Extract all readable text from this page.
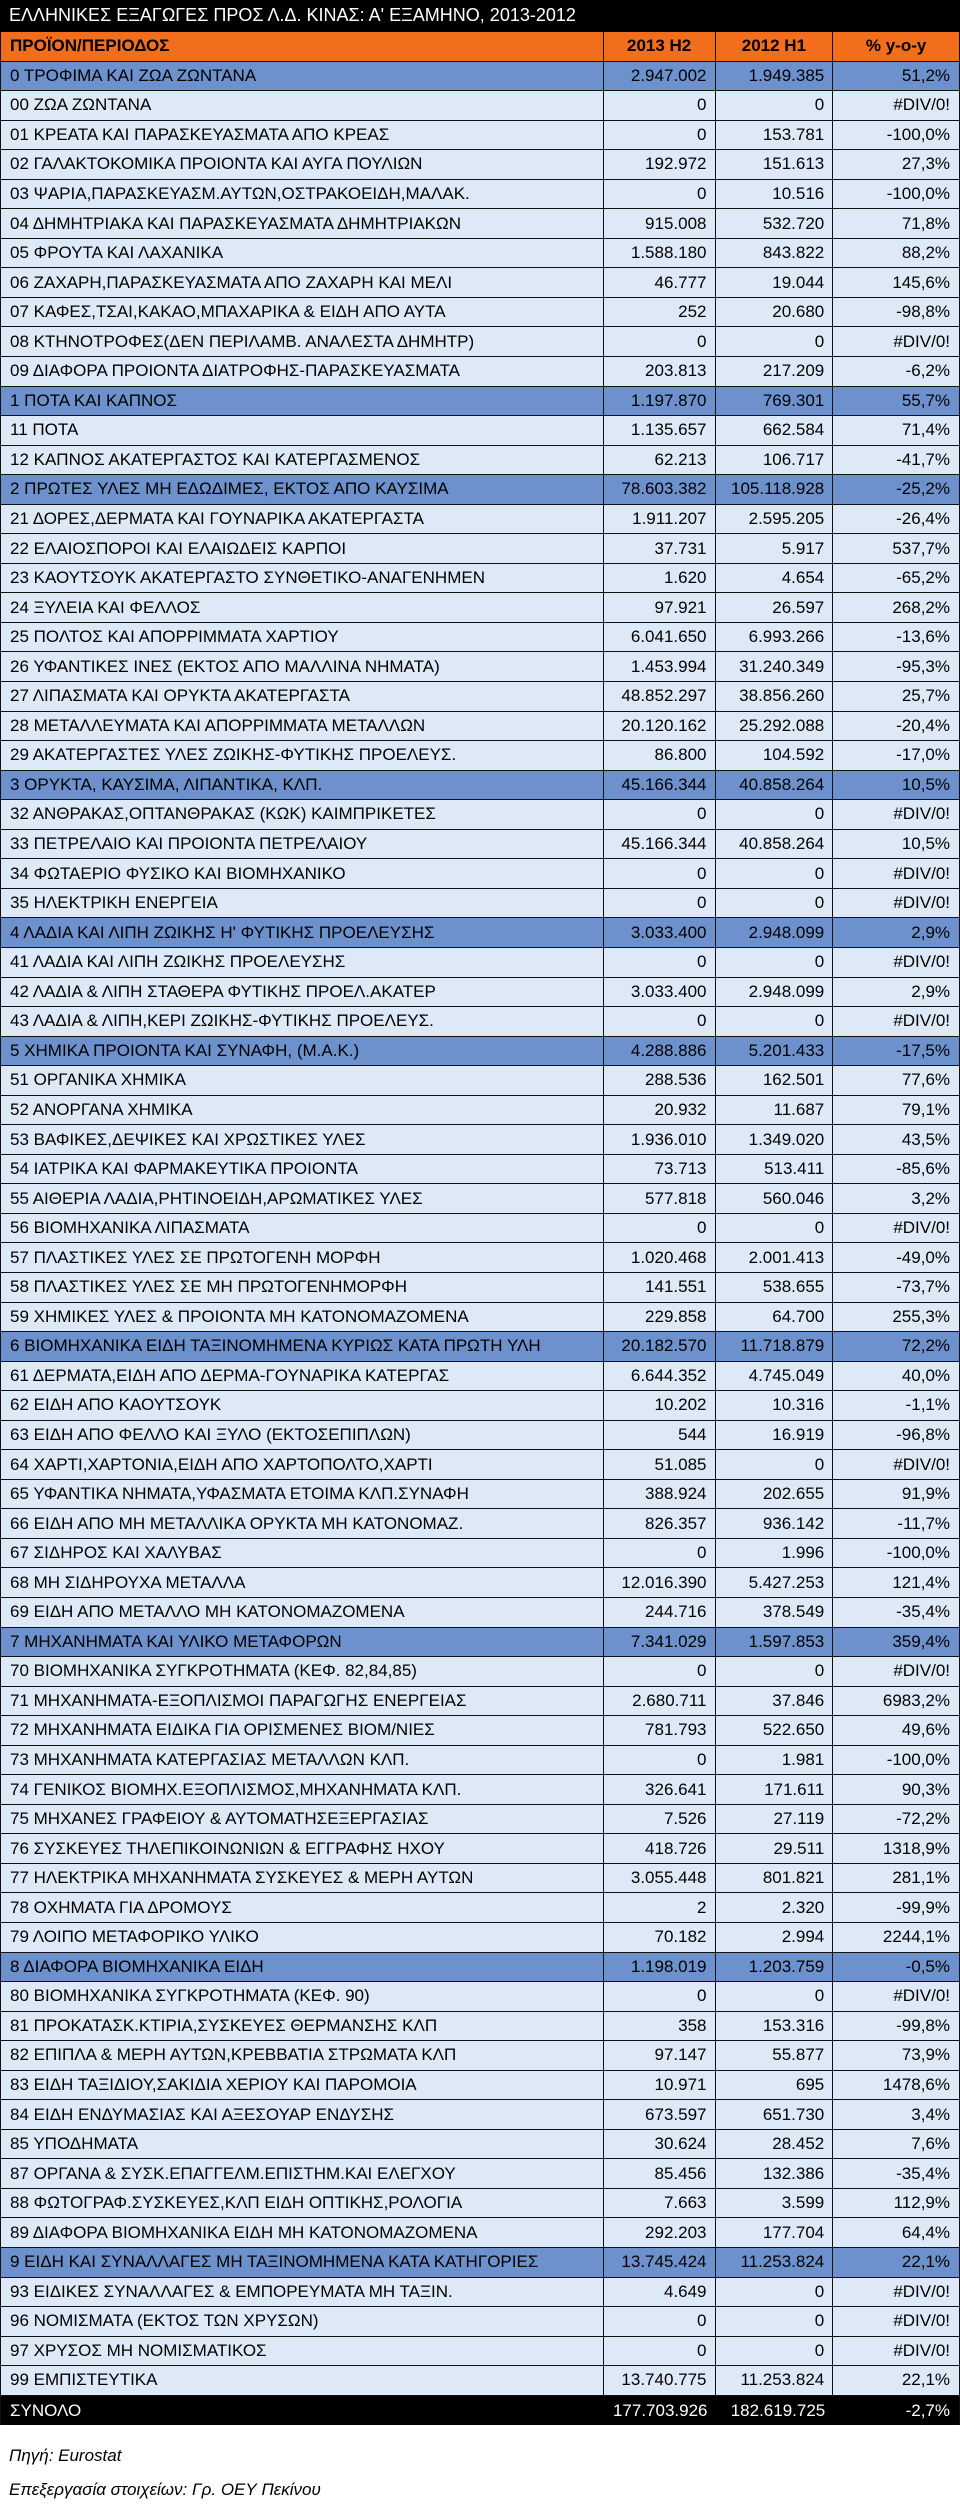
ΕΛΛΗΝΙΚΕΣ ΕΞΑΓΩΓΕΣ ΠΡΟΣ Λ.Δ. ΚΙΝΑΣ: Α' ΕΞΑΜΗΝΟ, 2013-2012
ΠΡΟΪΟΝ/ΠΕΡΙΟΔΟΣ	2013 Η2	2012 Η1	% y-o-y
0 ΤΡΟΦΙΜΑ ΚΑΙ ΖΩΑ ΖΩΝΤΑΝΑ	2.947.002	1.949.385	51,2%
00 ΖΩΑ ΖΩΝΤΑΝΑ	0	0	#DIV/0!
01 ΚΡΕΑΤΑ ΚΑΙ ΠΑΡΑΣΚΕΥΑΣΜΑΤΑ ΑΠΟ ΚΡΕΑΣ	0	153.781	-100,0%
02 ΓΑΛΑΚΤΟΚΟΜΙΚΑ ΠΡΟΙΟΝΤΑ ΚΑΙ ΑΥΓΑ ΠΟΥΛΙΩΝ	192.972	151.613	27,3%
03 ΨΑΡΙΑ,ΠΑΡΑΣΚΕΥΑΣΜ.ΑΥΤΩΝ,ΟΣΤΡΑΚΟΕΙΔΗ,ΜΑΛΑΚ.	0	10.516	-100,0%
04 ΔΗΜΗΤΡΙΑΚΑ ΚΑΙ ΠΑΡΑΣΚΕΥΑΣΜΑΤΑ ΔΗΜΗΤΡΙΑΚΩΝ	915.008	532.720	71,8%
05 ΦΡΟΥΤΑ ΚΑΙ ΛΑΧΑΝΙΚΑ	1.588.180	843.822	88,2%
06 ΖΑΧΑΡΗ,ΠΑΡΑΣΚΕΥΑΣΜΑΤΑ ΑΠΟ ΖΑΧΑΡΗ ΚΑΙ ΜΕΛΙ	46.777	19.044	145,6%
07 ΚΑΦΕΣ,ΤΣΑΙ,ΚΑΚΑΟ,ΜΠΑΧΑΡΙΚΑ & ΕΙΔΗ ΑΠΟ ΑΥΤΑ	252	20.680	-98,8%
08 ΚΤΗΝΟΤΡΟΦΕΣ(ΔΕΝ ΠΕΡΙΛΑΜΒ. ΑΝΑΛΕΣΤΑ ΔΗΜΗΤΡ)	0	0	#DIV/0!
09 ΔΙΑΦΟΡΑ ΠΡΟΙΟΝΤΑ ΔΙΑΤΡΟΦΗΣ-ΠΑΡΑΣΚΕΥΑΣΜΑΤΑ	203.813	217.209	-6,2%
1 ΠΟΤΑ ΚΑΙ ΚΑΠΝΟΣ	1.197.870	769.301	55,7%
11 ΠΟΤΑ	1.135.657	662.584	71,4%
12 ΚΑΠΝΟΣ ΑΚΑΤΕΡΓΑΣΤΟΣ ΚΑΙ ΚΑΤΕΡΓΑΣΜΕΝΟΣ	62.213	106.717	-41,7%
2 ΠΡΩΤΕΣ ΥΛΕΣ ΜΗ ΕΔΩΔΙΜΕΣ, ΕΚΤΟΣ ΑΠΟ ΚΑΥΣΙΜΑ	78.603.382	105.118.928	-25,2%
21 ΔΟΡΕΣ,ΔΕΡΜΑΤΑ ΚΑΙ ΓΟΥΝΑΡΙΚΑ ΑΚΑΤΕΡΓΑΣΤΑ	1.911.207	2.595.205	-26,4%
22 ΕΛΑΙΟΣΠΟΡΟΙ ΚΑΙ ΕΛΑΙΩΔΕΙΣ ΚΑΡΠΟΙ	37.731	5.917	537,7%
23 ΚΑΟΥΤΣΟΥΚ ΑΚΑΤΕΡΓΑΣΤΟ ΣΥΝΘΕΤΙΚΟ-ΑΝΑΓΕΝΗΜΕΝ	1.620	4.654	-65,2%
24 ΞΥΛΕΙΑ ΚΑΙ ΦΕΛΛΟΣ	97.921	26.597	268,2%
25 ΠΟΛΤΟΣ ΚΑΙ ΑΠΟΡΡΙΜΜΑΤΑ ΧΑΡΤΙΟΥ	6.041.650	6.993.266	-13,6%
26 ΥΦΑΝΤΙΚΕΣ ΙΝΕΣ (ΕΚΤΟΣ ΑΠΟ ΜΑΛΛΙΝΑ ΝΗΜΑΤΑ)	1.453.994	31.240.349	-95,3%
27 ΛΙΠΑΣΜΑΤΑ ΚΑΙ ΟΡΥΚΤΑ ΑΚΑΤΕΡΓΑΣΤΑ	48.852.297	38.856.260	25,7%
28 ΜΕΤΑΛΛΕΥΜΑΤΑ ΚΑΙ ΑΠΟΡΡΙΜΜΑΤΑ ΜΕΤΑΛΛΩΝ	20.120.162	25.292.088	-20,4%
29 ΑΚΑΤΕΡΓΑΣΤΕΣ ΥΛΕΣ ΖΩΙΚΗΣ-ΦΥΤΙΚΗΣ ΠΡΟΕΛΕΥΣ.	86.800	104.592	-17,0%
3 ΟΡΥΚΤΑ, ΚΑΥΣΙΜΑ, ΛΙΠΑΝΤΙΚΑ, ΚΛΠ.	45.166.344	40.858.264	10,5%
32 ΑΝΘΡΑΚΑΣ,ΟΠΤΑΝΘΡΑΚΑΣ (ΚΩΚ) ΚΑΙΜΠΡΙΚΕΤΕΣ	0	0	#DIV/0!
33 ΠΕΤΡΕΛΑΙΟ ΚΑΙ ΠΡΟΙΟΝΤΑ ΠΕΤΡΕΛΑΙΟΥ	45.166.344	40.858.264	10,5%
34 ΦΩΤΑΕΡΙΟ ΦΥΣΙΚΟ ΚΑΙ ΒΙΟΜΗΧΑΝΙΚΟ	0	0	#DIV/0!
35 ΗΛΕΚΤΡΙΚΗ ΕΝΕΡΓΕΙΑ	0	0	#DIV/0!
4 ΛΑΔΙΑ ΚΑΙ ΛΙΠΗ ΖΩΙΚΗΣ Η' ΦΥΤΙΚΗΣ ΠΡΟΕΛΕΥΣΗΣ	3.033.400	2.948.099	2,9%
41 ΛΑΔΙΑ ΚΑΙ ΛΙΠΗ ΖΩΙΚΗΣ ΠΡΟΕΛΕΥΣΗΣ	0	0	#DIV/0!
42 ΛΑΔΙΑ & ΛΙΠΗ ΣΤΑΘΕΡΑ ΦΥΤΙΚΗΣ ΠΡΟΕΛ.ΑΚΑΤΕΡ	3.033.400	2.948.099	2,9%
43 ΛΑΔΙΑ & ΛΙΠΗ,ΚΕΡΙ ΖΩΙΚΗΣ-ΦΥΤΙΚΗΣ ΠΡΟΕΛΕΥΣ.	0	0	#DIV/0!
5 ΧΗΜΙΚΑ ΠΡΟΙΟΝΤΑ ΚΑΙ ΣΥΝΑΦΗ, (Μ.Α.Κ.)	4.288.886	5.201.433	-17,5%
51 ΟΡΓΑΝΙΚΑ ΧΗΜΙΚΑ	288.536	162.501	77,6%
52 ΑΝΟΡΓΑΝΑ ΧΗΜΙΚΑ	20.932	11.687	79,1%
53 ΒΑΦΙΚΕΣ,ΔΕΨΙΚΕΣ ΚΑΙ ΧΡΩΣΤΙΚΕΣ ΥΛΕΣ	1.936.010	1.349.020	43,5%
54 ΙΑΤΡΙΚΑ ΚΑΙ ΦΑΡΜΑΚΕΥΤΙΚΑ ΠΡΟΙΟΝΤΑ	73.713	513.411	-85,6%
55 ΑΙΘΕΡΙΑ ΛΑΔΙΑ,ΡΗΤΙΝΟΕΙΔΗ,ΑΡΩΜΑΤΙΚΕΣ ΥΛΕΣ	577.818	560.046	3,2%
56 ΒΙΟΜΗΧΑΝΙΚΑ ΛΙΠΑΣΜΑΤΑ	0	0	#DIV/0!
57 ΠΛΑΣΤΙΚΕΣ ΥΛΕΣ ΣΕ ΠΡΩΤΟΓΕΝΗ ΜΟΡΦΗ	1.020.468	2.001.413	-49,0%
58 ΠΛΑΣΤΙΚΕΣ ΥΛΕΣ ΣΕ ΜΗ ΠΡΩΤΟΓΕΝΗΜΟΡΦΗ	141.551	538.655	-73,7%
59 ΧΗΜΙΚΕΣ ΥΛΕΣ & ΠΡΟΙΟΝΤΑ ΜΗ ΚΑΤΟΝΟΜΑΖΟΜΕΝΑ	229.858	64.700	255,3%
6 ΒΙΟΜΗΧΑΝΙΚΑ ΕΙΔΗ ΤΑΞΙΝΟΜΗΜΕΝΑ ΚΥΡΙΩΣ ΚΑΤΑ ΠΡΩΤΗ ΥΛΗ	20.182.570	11.718.879	72,2%
61 ΔΕΡΜΑΤΑ,ΕΙΔΗ ΑΠΟ ΔΕΡΜΑ-ΓΟΥΝΑΡΙΚΑ ΚΑΤΕΡΓΑΣ	6.644.352	4.745.049	40,0%
62 ΕΙΔΗ ΑΠΟ ΚΑΟΥΤΣΟΥΚ	10.202	10.316	-1,1%
63 ΕΙΔΗ ΑΠΟ ΦΕΛΛΟ ΚΑΙ ΞΥΛΟ (ΕΚΤΟΣΕΠΙΠΛΩΝ)	544	16.919	-96,8%
64 ΧΑΡΤΙ,ΧΑΡΤΟΝΙΑ,ΕΙΔΗ ΑΠΟ ΧΑΡΤΟΠΟΛΤΟ,ΧΑΡΤΙ	51.085	0	#DIV/0!
65 ΥΦΑΝΤΙΚΑ ΝΗΜΑΤΑ,ΥΦΑΣΜΑΤΑ ΕΤΟΙΜΑ ΚΛΠ.ΣΥΝΑΦΗ	388.924	202.655	91,9%
66 ΕΙΔΗ ΑΠΟ ΜΗ ΜΕΤΑΛΛΙΚΑ ΟΡΥΚΤΑ ΜΗ ΚΑΤΟΝΟΜΑΖ.	826.357	936.142	-11,7%
67 ΣΙΔΗΡΟΣ ΚΑΙ ΧΑΛΥΒΑΣ	0	1.996	-100,0%
68 ΜΗ ΣΙΔΗΡΟΥΧΑ ΜΕΤΑΛΛΑ	12.016.390	5.427.253	121,4%
69 ΕΙΔΗ ΑΠΟ ΜΕΤΑΛΛΟ ΜΗ ΚΑΤΟΝΟΜΑΖΟΜΕΝΑ	244.716	378.549	-35,4%
7 ΜΗΧΑΝΗΜΑΤΑ ΚΑΙ ΥΛΙΚΟ ΜΕΤΑΦΟΡΩΝ	7.341.029	1.597.853	359,4%
70 ΒΙΟΜΗΧΑΝΙΚΑ ΣΥΓΚΡΟΤΗΜΑΤΑ (ΚΕΦ. 82,84,85)	0	0	#DIV/0!
71 ΜΗΧΑΝΗΜΑΤΑ-ΕΞΟΠΛΙΣΜΟΙ ΠΑΡΑΓΩΓΗΣ ΕΝΕΡΓΕΙΑΣ	2.680.711	37.846	6983,2%
72 ΜΗΧΑΝΗΜΑΤΑ ΕΙΔΙΚΑ ΓΙΑ ΟΡΙΣΜΕΝΕΣ ΒΙΟΜ/ΝΙΕΣ	781.793	522.650	49,6%
73 ΜΗΧΑΝΗΜΑΤΑ ΚΑΤΕΡΓΑΣΙΑΣ ΜΕΤΑΛΛΩΝ ΚΛΠ.	0	1.981	-100,0%
74 ΓΕΝΙΚΟΣ ΒΙΟΜΗΧ.ΕΞΟΠΛΙΣΜΟΣ,ΜΗΧΑΝΗΜΑΤΑ ΚΛΠ.	326.641	171.611	90,3%
75 ΜΗΧΑΝΕΣ ΓΡΑΦΕΙΟΥ & ΑΥΤΟΜΑΤΗΣΕΞΕΡΓΑΣΙΑΣ	7.526	27.119	-72,2%
76 ΣΥΣΚΕΥΕΣ ΤΗΛΕΠΙΚΟΙΝΩΝΙΩΝ & ΕΓΓΡΑΦΗΣ ΗΧΟΥ	418.726	29.511	1318,9%
77 ΗΛΕΚΤΡΙΚΑ ΜΗΧΑΝΗΜΑΤΑ ΣΥΣΚΕΥΕΣ & ΜΕΡΗ ΑΥΤΩΝ	3.055.448	801.821	281,1%
78 ΟΧΗΜΑΤΑ ΓΙΑ ΔΡΟΜΟΥΣ	2	2.320	-99,9%
79 ΛΟΙΠΟ ΜΕΤΑΦΟΡΙΚΟ ΥΛΙΚΟ	70.182	2.994	2244,1%
8 ΔΙΑΦΟΡΑ ΒΙΟΜΗΧΑΝΙΚΑ ΕΙΔΗ	1.198.019	1.203.759	-0,5%
80 ΒΙΟΜΗΧΑΝΙΚΑ ΣΥΓΚΡΟΤΗΜΑΤΑ (ΚΕΦ. 90)	0	0	#DIV/0!
81 ΠΡΟΚΑΤΑΣΚ.ΚΤΙΡΙΑ,ΣΥΣΚΕΥΕΣ ΘΕΡΜΑΝΣΗΣ ΚΛΠ	358	153.316	-99,8%
82 ΕΠΙΠΛΑ & ΜΕΡΗ ΑΥΤΩΝ,ΚΡΕΒΒΑΤΙΑ ΣΤΡΩΜΑΤΑ ΚΛΠ	97.147	55.877	73,9%
83 ΕΙΔΗ ΤΑΞΙΔΙΟΥ,ΣΑΚΙΔΙΑ ΧΕΡΙΟΥ ΚΑΙ ΠΑΡΟΜΟΙΑ	10.971	695	1478,6%
84 ΕΙΔΗ ΕΝΔΥΜΑΣΙΑΣ ΚΑΙ ΑΞΕΣΟΥΑΡ ΕΝΔΥΣΗΣ	673.597	651.730	3,4%
85 ΥΠΟΔΗΜΑΤΑ	30.624	28.452	7,6%
87 ΟΡΓΑΝΑ & ΣΥΣΚ.ΕΠΑΓΓΕΛΜ.ΕΠΙΣΤΗΜ.ΚΑΙ ΕΛΕΓΧΟΥ	85.456	132.386	-35,4%
88 ΦΩΤΟΓΡΑΦ.ΣΥΣΚΕΥΕΣ,ΚΛΠ ΕΙΔΗ ΟΠΤΙΚΗΣ,ΡΟΛΟΓΙΑ	7.663	3.599	112,9%
89 ΔΙΑΦΟΡΑ ΒΙΟΜΗΧΑΝΙΚΑ ΕΙΔΗ ΜΗ ΚΑΤΟΝΟΜΑΖΟΜΕΝΑ	292.203	177.704	64,4%
9 ΕΙΔΗ ΚΑΙ ΣΥΝΑΛΛΑΓΕΣ ΜΗ ΤΑΞΙΝΟΜΗΜΕΝΑ ΚΑΤΑ ΚΑΤΗΓΟΡΙΕΣ	13.745.424	11.253.824	22,1%
93 ΕΙΔΙΚΕΣ ΣΥΝΑΛΛΑΓΕΣ & ΕΜΠΟΡΕΥΜΑΤΑ ΜΗ ΤΑΞΙΝ.	4.649	0	#DIV/0!
96 ΝΟΜΙΣΜΑΤΑ (ΕΚΤΟΣ ΤΩΝ ΧΡΥΣΩΝ)	0	0	#DIV/0!
97 ΧΡΥΣΟΣ ΜΗ ΝΟΜΙΣΜΑΤΙΚΟΣ	0	0	#DIV/0!
99 ΕΜΠΙΣΤΕΥΤΙΚΑ	13.740.775	11.253.824	22,1%
ΣΥΝΟΛΟ	177.703.926	182.619.725	-2,7%
Πηγή: Eurostat
Επεξεργασία στοιχείων: Γρ. ΟΕΥ Πεκίνου
